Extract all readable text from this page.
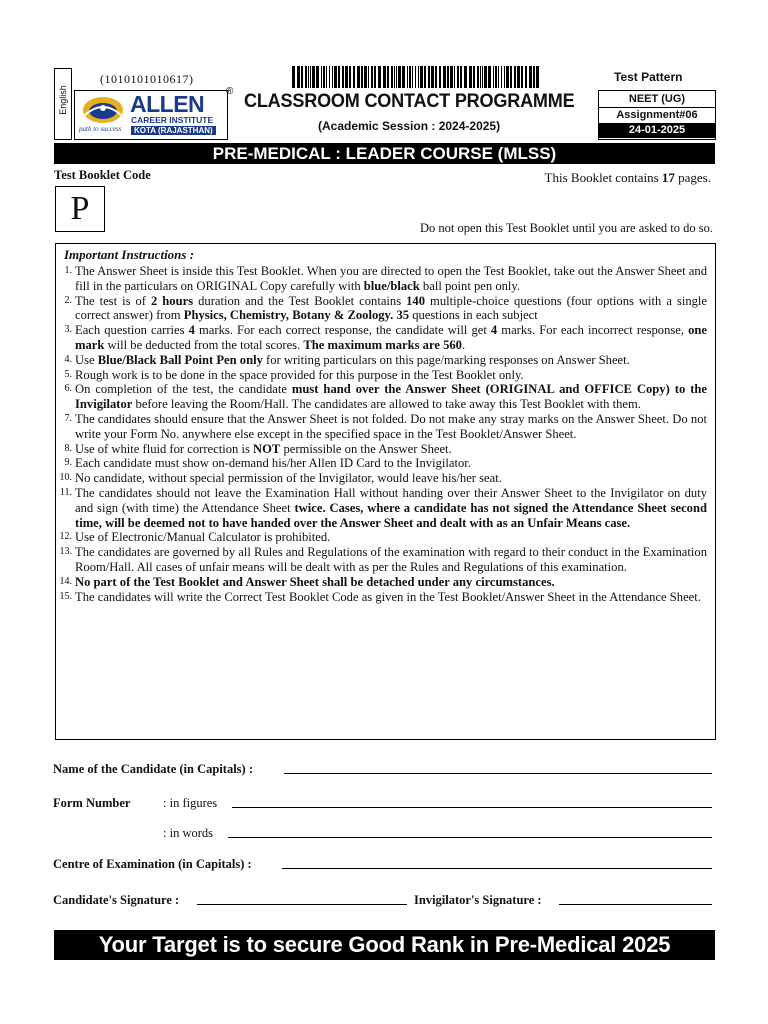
English
(1010101010617)
ALLEN
CAREER INSTITUTE
KOTA (RAJASTHAN)
path to success
® CLASSROOM CONTACT PROGRAMME
(Academic Session : 2024-2025)
Test Pattern
NEET (UG)
Assignment#06
24-01-2025
PRE-MEDICAL : LEADER COURSE (MLSS)
Test Booklet Code
P
This Booklet contains 17 pages.
Do not open this Test Booklet until you are asked to do so.
Important Instructions :
1. The Answer Sheet is inside this Test Booklet. When you are directed to open the Test Booklet, take out the Answer Sheet and fill in the particulars on ORIGINAL Copy carefully with blue/black ball point pen only.
2. The test is of 2 hours duration and the Test Booklet contains 140 multiple-choice questions (four options with a single correct answer) from Physics, Chemistry, Botany & Zoology. 35 questions in each subject
3. Each question carries 4 marks. For each correct response, the candidate will get 4 marks. For each incorrect response, one mark will be deducted from the total scores. The maximum marks are 560.
4. Use Blue/Black Ball Point Pen only for writing particulars on this page/marking responses on Answer Sheet.
5. Rough work is to be done in the space provided for this purpose in the Test Booklet only.
6. On completion of the test, the candidate must hand over the Answer Sheet (ORIGINAL and OFFICE Copy) to the Invigilator before leaving the Room/Hall. The candidates are allowed to take away this Test Booklet with them.
7. The candidates should ensure that the Answer Sheet is not folded. Do not make any stray marks on the Answer Sheet. Do not write your Form No. anywhere else except in the specified space in the Test Booklet/Answer Sheet.
8. Use of white fluid for correction is NOT permissible on the Answer Sheet.
9. Each candidate must show on-demand his/her Allen ID Card to the Invigilator.
10. No candidate, without special permission of the Invigilator, would leave his/her seat.
11. The candidates should not leave the Examination Hall without handing over their Answer Sheet to the Invigilator on duty and sign (with time) the Attendance Sheet twice. Cases, where a candidate has not signed the Attendance Sheet second time, will be deemed not to have handed over the Answer Sheet and dealt with as an Unfair Means case.
12. Use of Electronic/Manual Calculator is prohibited.
13. The candidates are governed by all Rules and Regulations of the examination with regard to their conduct in the Examination Room/Hall. All cases of unfair means will be dealt with as per the Rules and Regulations of this examination.
14. No part of the Test Booklet and Answer Sheet shall be detached under any circumstances.
15. The candidates will write the Correct Test Booklet Code as given in the Test Booklet/Answer Sheet in the Attendance Sheet.
Name of the Candidate (in Capitals) :
Form Number	: in figures
: in words
Centre of Examination (in Capitals) :
Candidate's Signature :	Invigilator's Signature :
Your Target is to secure Good Rank in Pre-Medical 2025
